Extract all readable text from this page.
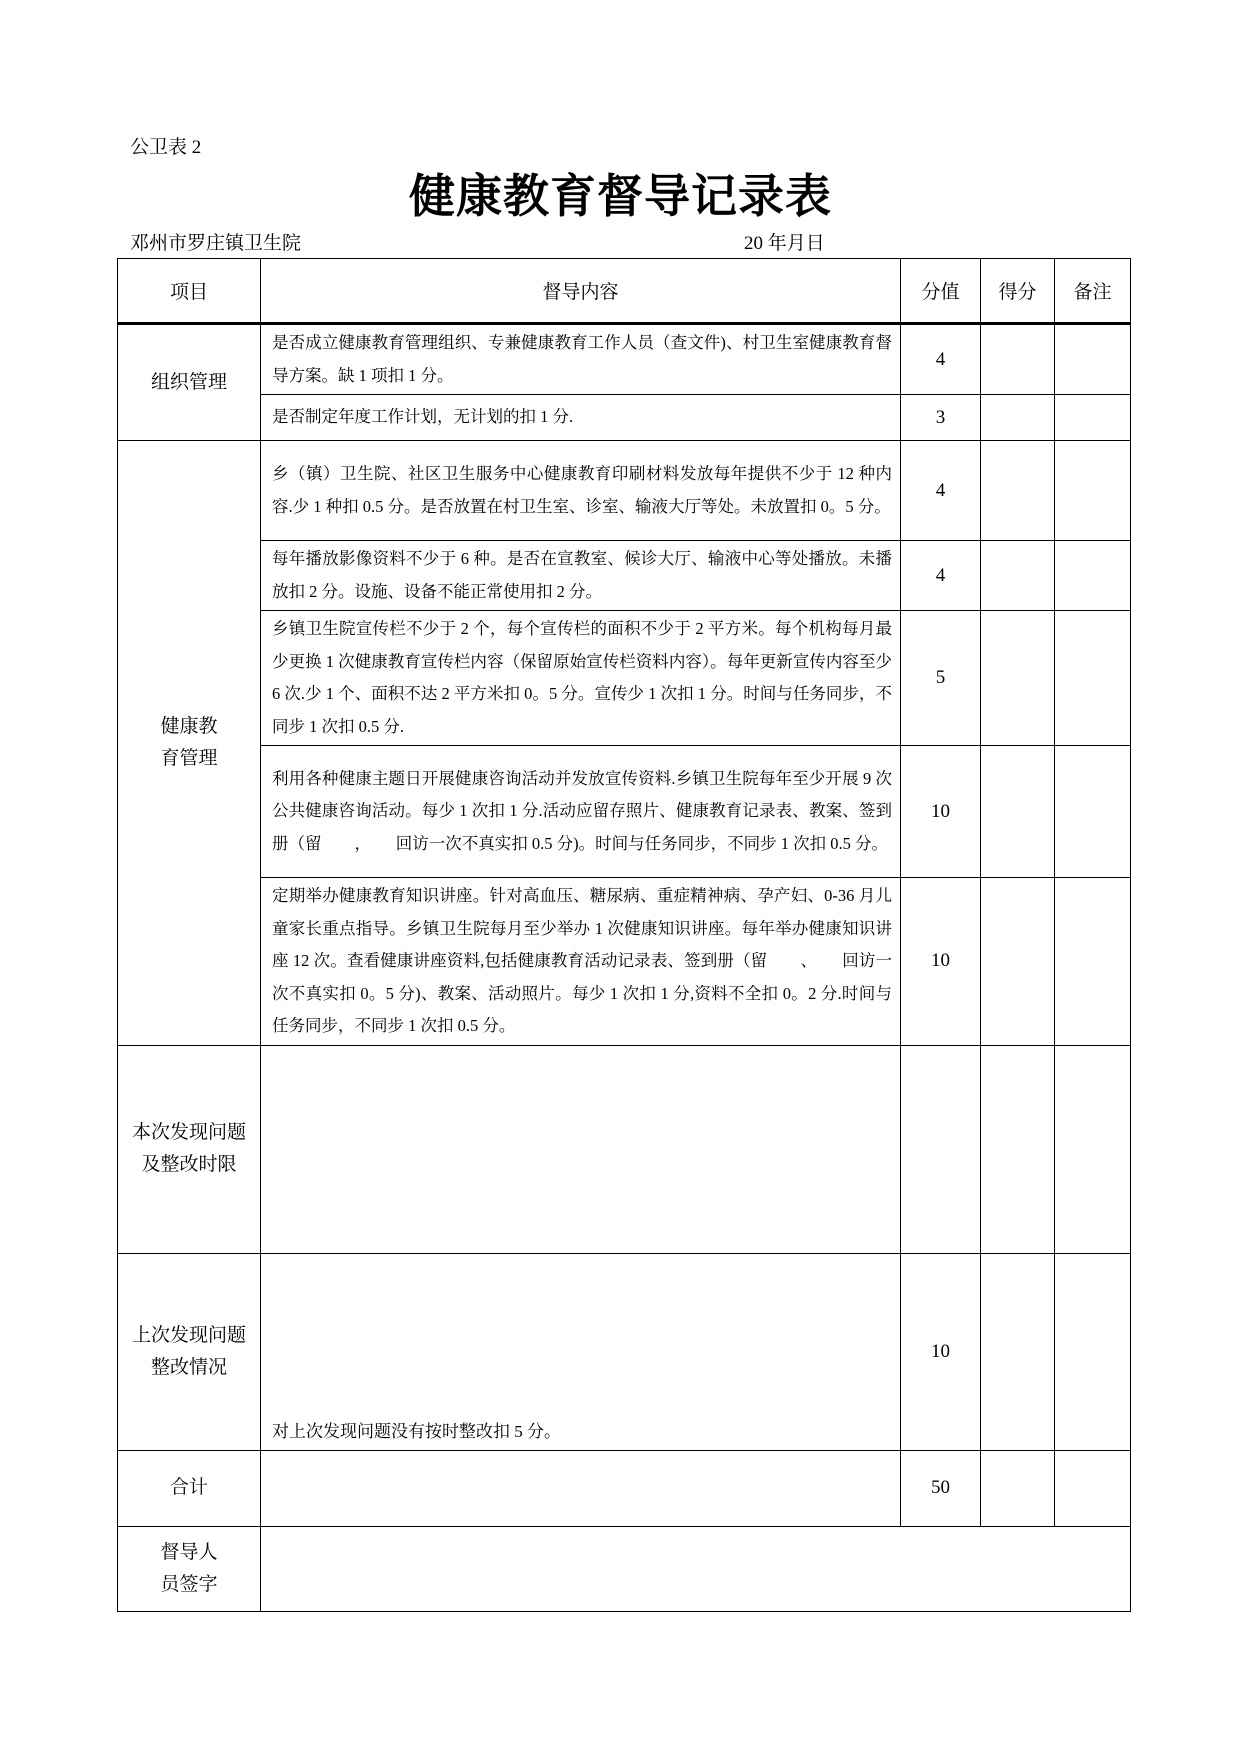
公卫表 2
健康教育督导记录表
邓州市罗庄镇卫生院	20 年月日
项目	督导内容	分值	得分	备注
组织管理	是否成立健康教育管理组织、专兼健康教育工作人员（查文件)、村卫生室健康教育督导方案。缺 1 项扣 1 分。	4		
	是否制定年度工作计划，无计划的扣 1 分.	3		
健康教育管理	乡（镇）卫生院、社区卫生服务中心健康教育印刷材料发放每年提供不少于 12 种内容.少 1 种扣 0.5 分。是否放置在村卫生室、诊室、输液大厅等处。未放置扣 0。5 分。	4		
	每年播放影像资料不少于 6 种。是否在宣教室、候诊大厅、输液中心等处播放。未播放扣 2 分。设施、设备不能正常使用扣 2 分。	4		
	乡镇卫生院宣传栏不少于 2 个，每个宣传栏的面积不少于 2 平方米。每个机构每月最少更换 1 次健康教育宣传栏内容（保留原始宣传栏资料内容）。每年更新宣传内容至少 6 次.少 1 个、面积不达 2 平方米扣 0。5 分。宣传少 1 次扣 1 分。时间与任务同步，不同步 1 次扣 0.5 分.	5		
	利用各种健康主题日开展健康咨询活动并发放宣传资料.乡镇卫生院每年至少开展 9 次公共健康咨询活动。每少 1 次扣 1 分.活动应留存照片、健康教育记录表、教案、签到册（留　　，　　回访一次不真实扣 0.5 分)。时间与任务同步，不同步 1 次扣 0.5 分。	10		
	定期举办健康教育知识讲座。针对高血压、糖尿病、重症精神病、孕产妇、0-36 月儿童家长重点指导。乡镇卫生院每月至少举办 1 次健康知识讲座。每年举办健康知识讲座 12 次。查看健康讲座资料,包括健康教育活动记录表、签到册（留　　、　　回访一次不真实扣 0。5 分)、教案、活动照片。每少 1 次扣 1 分,资料不全扣 0。2 分.时间与任务同步，不同步 1 次扣 0.5 分。	10		
本次发现问题及整改时限				
上次发现问题整改情况	对上次发现问题没有按时整改扣 5 分。	10		
合计		50		
督导人员签字				
